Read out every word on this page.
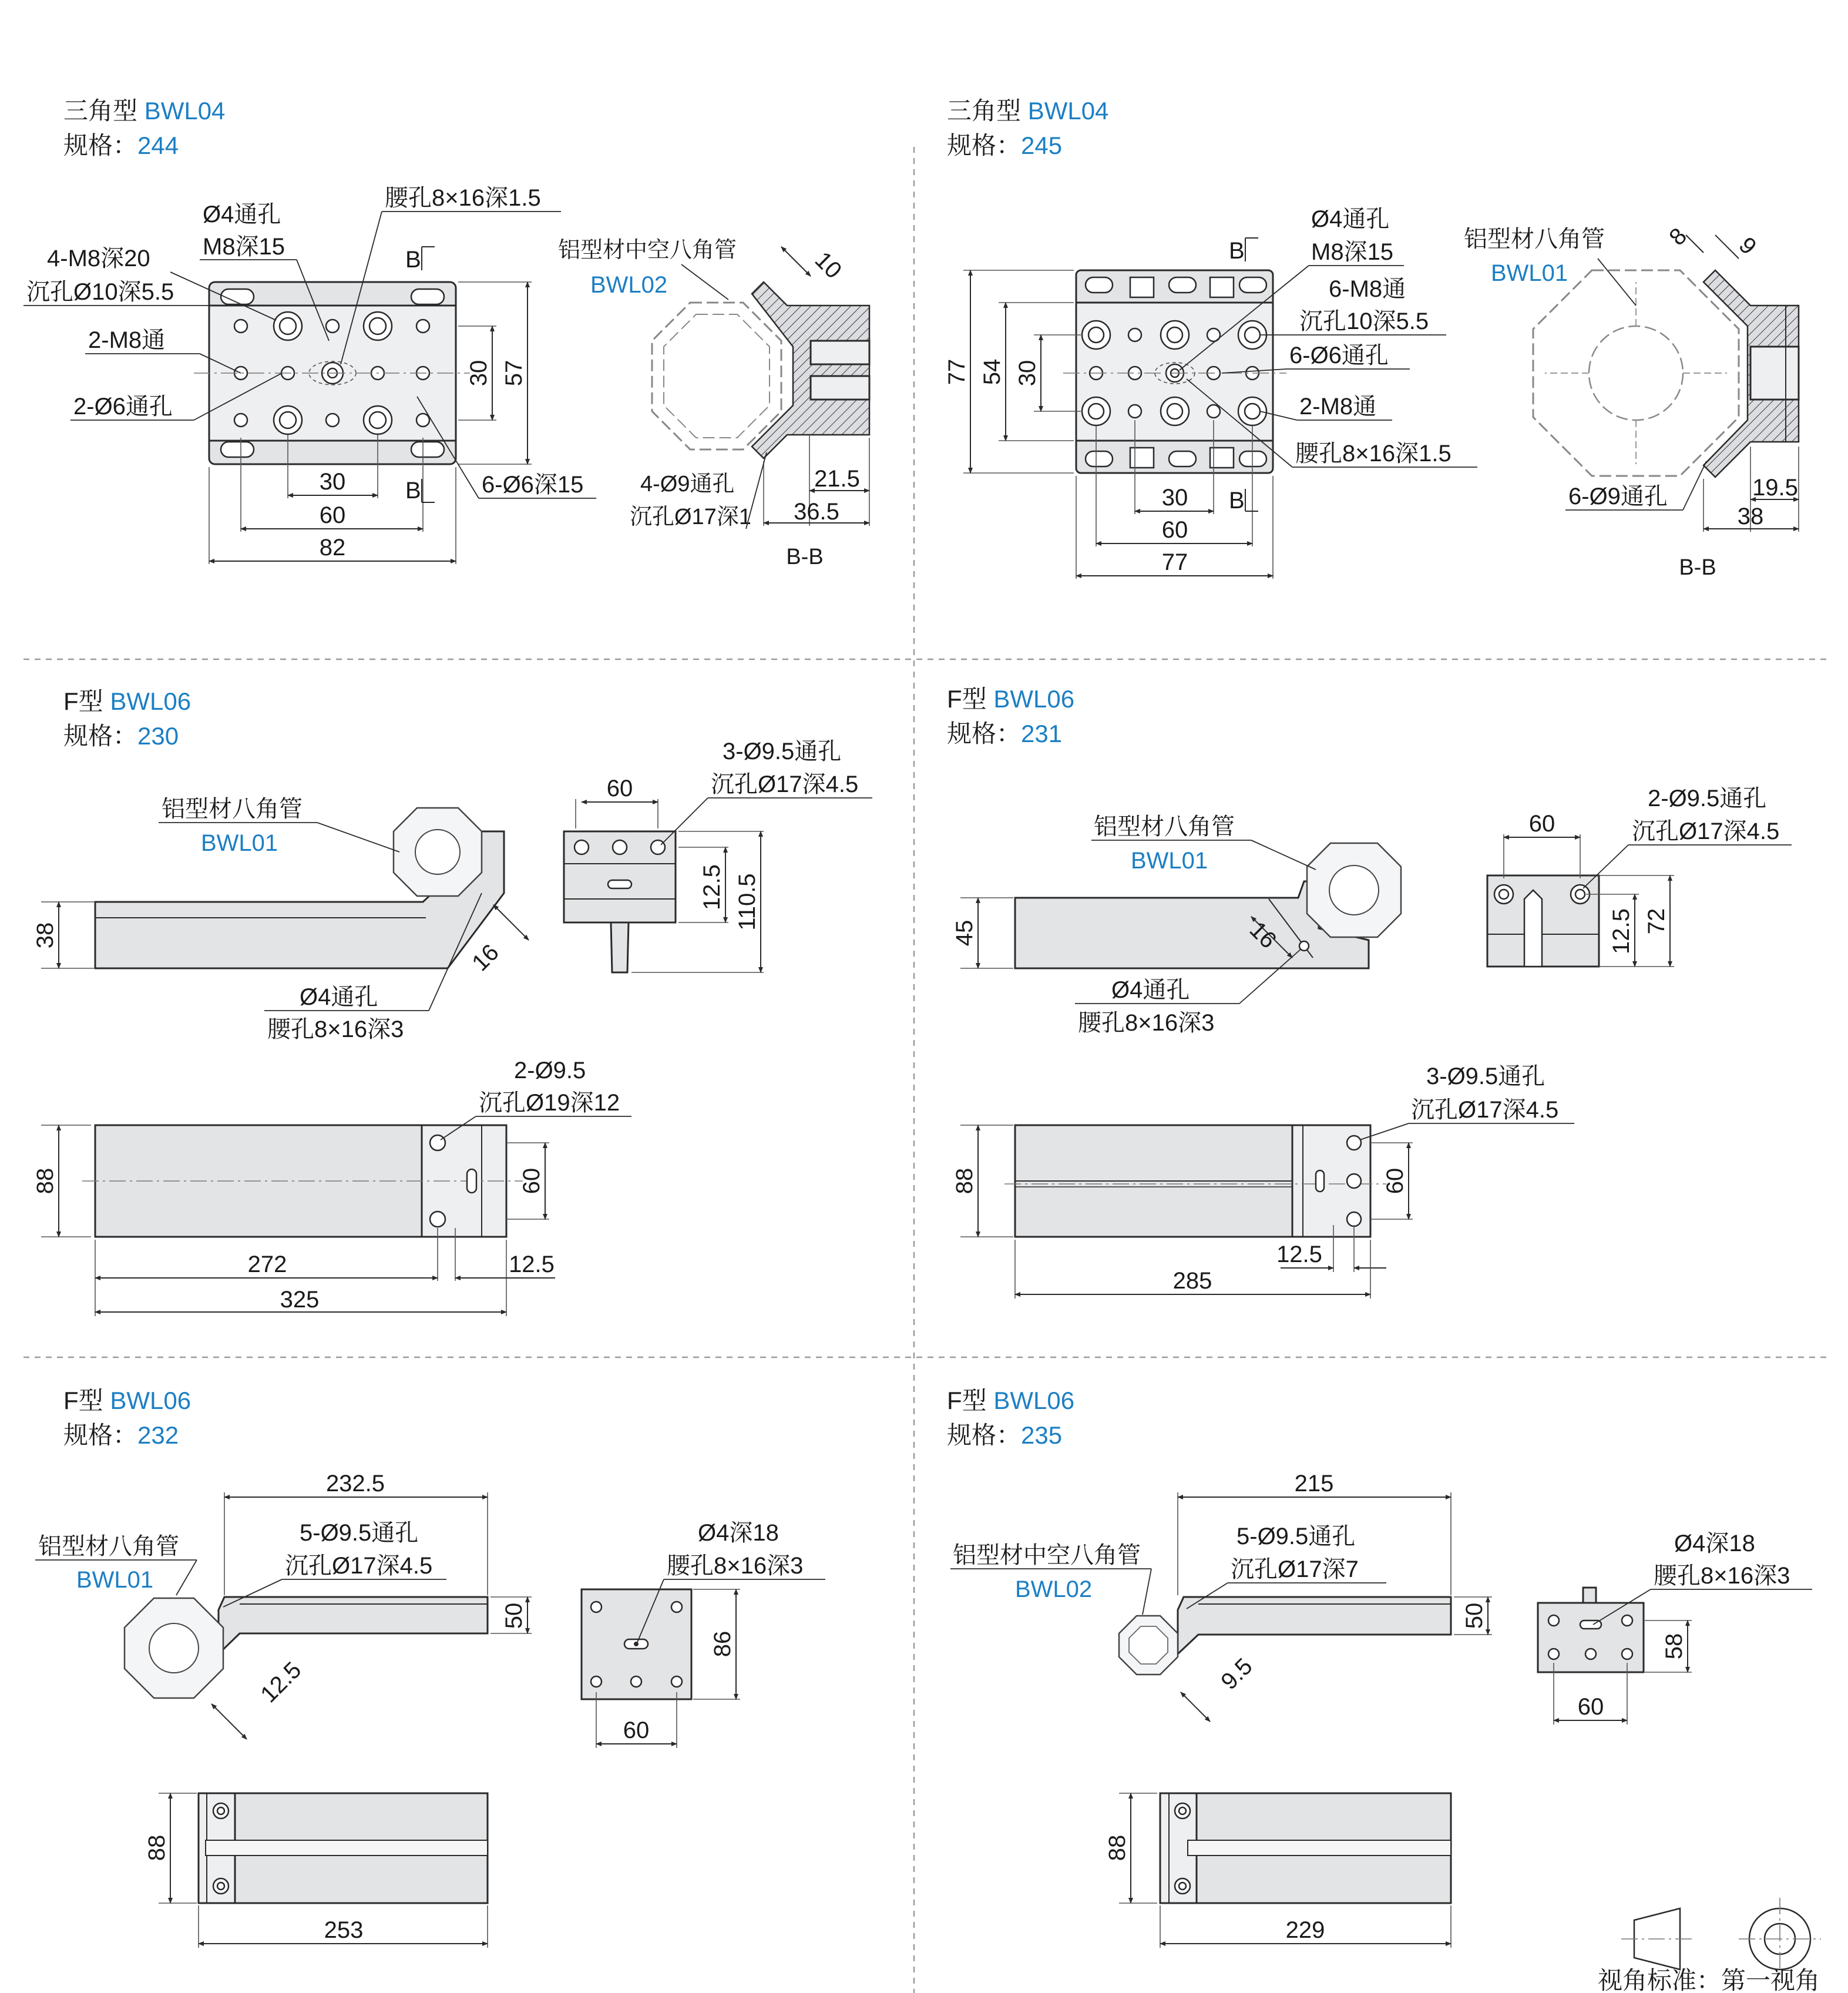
三角型 BWL04
规格：244
三角型 BWL04
规格：245
F型 BWL06
规格：230
F型 BWL06
规格：231
F型 BWL06
规格：232
F型 BWL06
规格：235
30
60
82
30 57
B
B	21.5
36.5
10
B-B
Ø4通孔
M8深15
腰孔8×16深1.5
4-M8深20
沉孔Ø10深5.5
2-M8通
2-Ø6通孔
6-Ø6深15
铝型材中空八角管
BWL02
4-Ø9通孔
沉孔Ø17深1
77 54 30
30
60
77
B
B	19.5
38
8 9
B-B
Ø4通孔
M8深15
6-M8通
沉孔10深5.5
6-Ø6通孔
2-M8通
腰孔8×16深1.5
铝型材八角管
BWL01
6-Ø9通孔
60
12.5 110.5
38
16
88	60
272	12.5
325
3-Ø9.5通孔
沉孔Ø17深4.5
铝型材八角管
BWL01
Ø4通孔
腰孔8×16深3
2-Ø9.5
沉孔Ø19深12
60
12.5 72
45	16
88	60
12.5
285
2-Ø9.5通孔
沉孔Ø17深4.5
铝型材八角管
BWL01
Ø4通孔
腰孔8×16深3
3-Ø9.5通孔
沉孔Ø17深4.5
232.5
50
12.5
86
60
88
253
铝型材八角管
BWL01
5-Ø9.5通孔
沉孔Ø17深4.5
Ø4深18
腰孔8×16深3
215
50
9.5
58
60
88
229
铝型材中空八角管
BWL02
5-Ø9.5通孔
沉孔Ø17深7
Ø4深18
腰孔8×16深3
视角标准：第一视角
